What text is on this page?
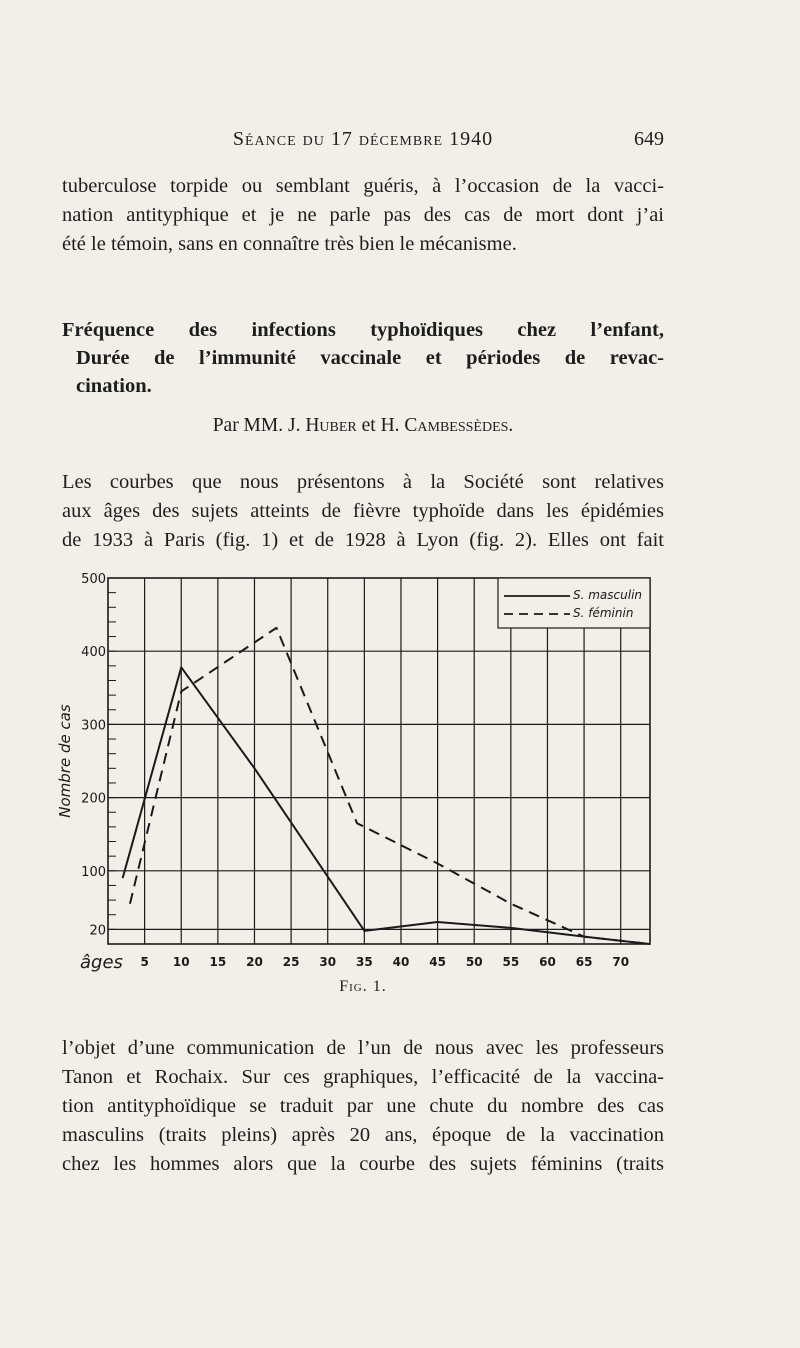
Séance du 17 décembre 1940	649
tuberculose torpide ou semblant guéris, à l’occasion de la vacci-
nation antityphique et je ne parle pas des cas de mort dont j’ai
été le témoin, sans en connaître très bien le mécanisme.
Fréquence des infections typhoïdiques chez l’enfant,
Durée de l’immunité vaccinale et périodes de revac-
cination.
Par MM. J. Huber et H. Cambessèdes.
Les courbes que nous présentons à la Société sont relatives
aux âges des sujets atteints de fièvre typhoïde dans les épidémies
de 1933 à Paris (fig. 1) et de 1928 à Lyon (fig. 2). Elles ont fait
5 10 15 20 25 30 35 40 45 50 55 60 65 70
20
100
200
300
400
500
âges
Nombre de cas
S. masculin
S. féminin
Fig. 1.
l’objet d’une communication de l’un de nous avec les professeurs
Tanon et Rochaix. Sur ces graphiques, l’efficacité de la vaccina-
tion antityphoïdique se traduit par une chute du nombre des cas
masculins (traits pleins) après 20 ans, époque de la vaccination
chez les hommes alors que la courbe des sujets féminins (traits
